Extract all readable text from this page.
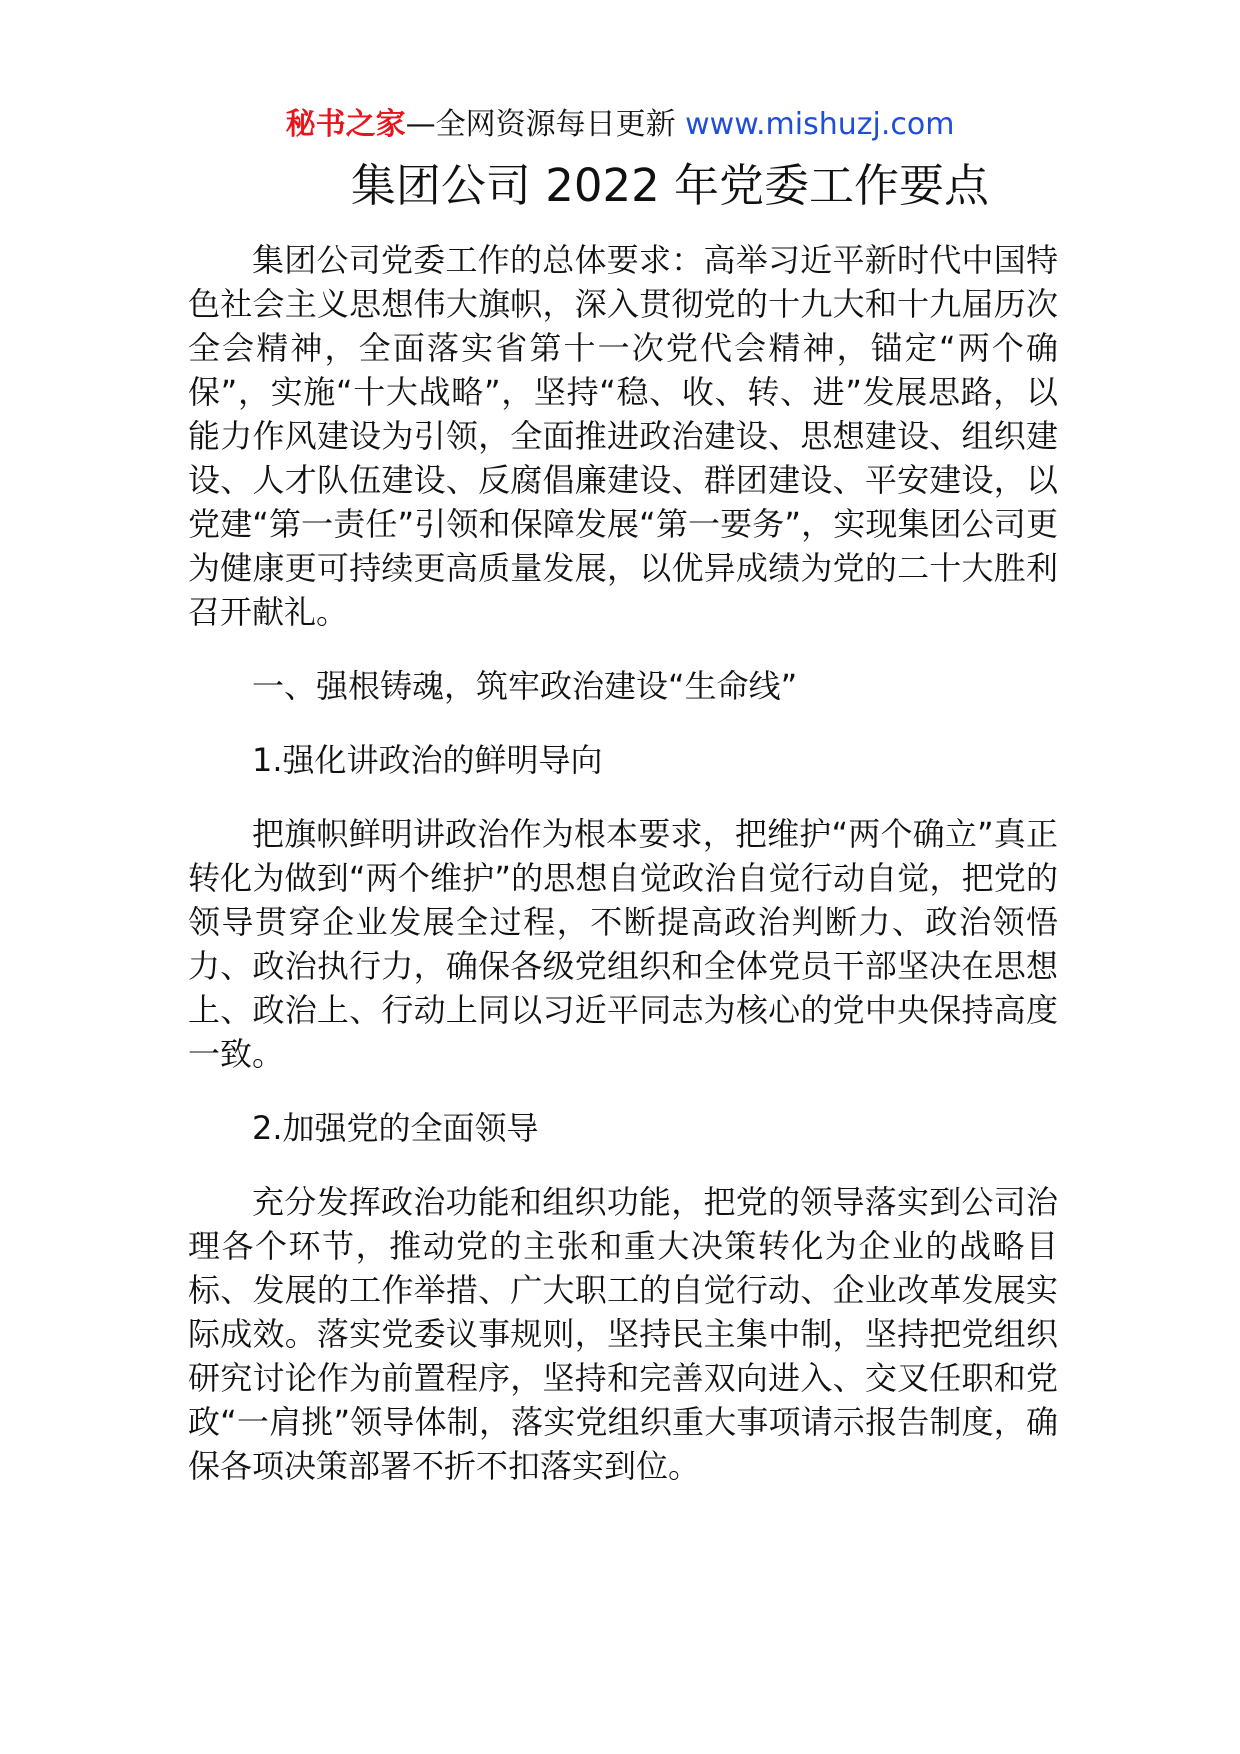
秘书之家—全网资源每日更新 www.mishuzj.com
集团公司 2022 年党委工作要点

集团公司党委工作的总体要求：高举习近平新时代中国特色社会主义思想伟大旗帜，深入贯彻党的十九大和十九届历次全会精神，全面落实省第十一次党代会精神，锚定“两个确保”，实施“十大战略”，坚持“稳、收、转、进”发展思路，以能力作风建设为引领，全面推进政治建设、思想建设、组织建设、人才队伍建设、反腐倡廉建设、群团建设、平安建设，以党建“第一责任”引领和保障发展“第一要务”，实现集团公司更为健康更可持续更高质量发展，以优异成绩为党的二十大胜利召开献礼。

一、强根铸魂，筑牢政治建设“生命线”

1.强化讲政治的鲜明导向

把旗帜鲜明讲政治作为根本要求，把维护“两个确立”真正转化为做到“两个维护”的思想自觉政治自觉行动自觉，把党的领导贯穿企业发展全过程，不断提高政治判断力、政治领悟力、政治执行力，确保各级党组织和全体党员干部坚决在思想上、政治上、行动上同以习近平同志为核心的党中央保持高度一致。

2.加强党的全面领导

充分发挥政治功能和组织功能，把党的领导落实到公司治理各个环节，推动党的主张和重大决策转化为企业的战略目标、发展的工作举措、广大职工的自觉行动、企业改革发展实际成效。落实党委议事规则，坚持民主集中制，坚持把党组织研究讨论作为前置程序，坚持和完善双向进入、交叉任职和党政“一肩挑”领导体制，落实党组织重大事项请示报告制度，确保各项决策部署不折不扣落实到位。
